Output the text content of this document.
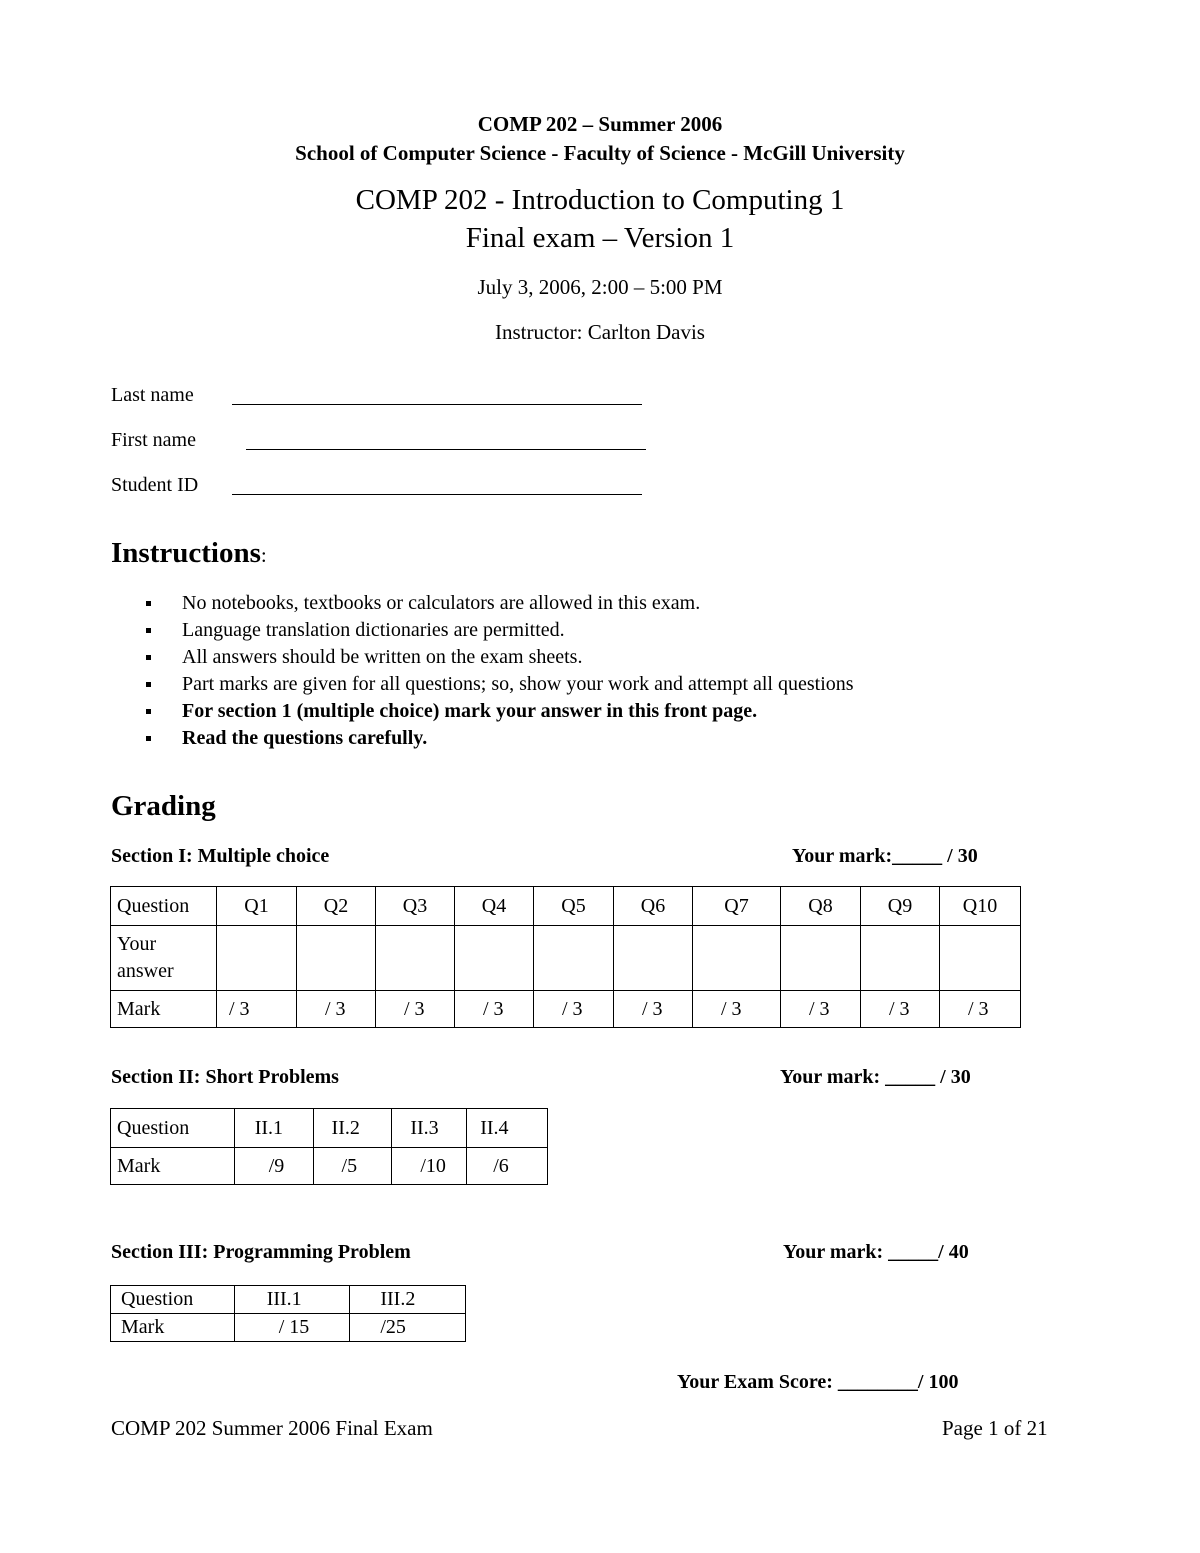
COMP 202 – Summer 2006
School of Computer Science - Faculty of Science - McGill University
COMP 202 - Introduction to Computing 1
Final exam – Version 1
July 3, 2006, 2:00 – 5:00 PM
Instructor: Carlton Davis
Last name
First name
Student ID
Instructions:
No notebooks, textbooks or calculators are allowed in this exam.
Language translation dictionaries are permitted.
All answers should be written on the exam sheets.
Part marks are given for all questions; so, show your work and attempt all questions
For section 1 (multiple choice) mark your answer in this front page.
Read the questions carefully.
Grading
Section I: Multiple choice	Your mark:_____ / 30
Question	Q1	Q2	Q3	Q4	Q5	Q6	Q7	Q8	Q9	Q10
Your answer										
Mark	/ 3	/ 3	/ 3	/ 3	/ 3	/ 3	/ 3	/ 3	/ 3	/ 3
Section II: Short Problems	Your mark: _____ / 30
Question	II.1	II.2	II.3	II.4
Mark	/9	/5	/10	/6
Section III: Programming Problem	Your mark: _____/ 40
Question	III.1	III.2
Mark	/ 15	/25
Your Exam Score: ________/ 100
COMP 202 Summer 2006 Final Exam	Page 1 of 21
